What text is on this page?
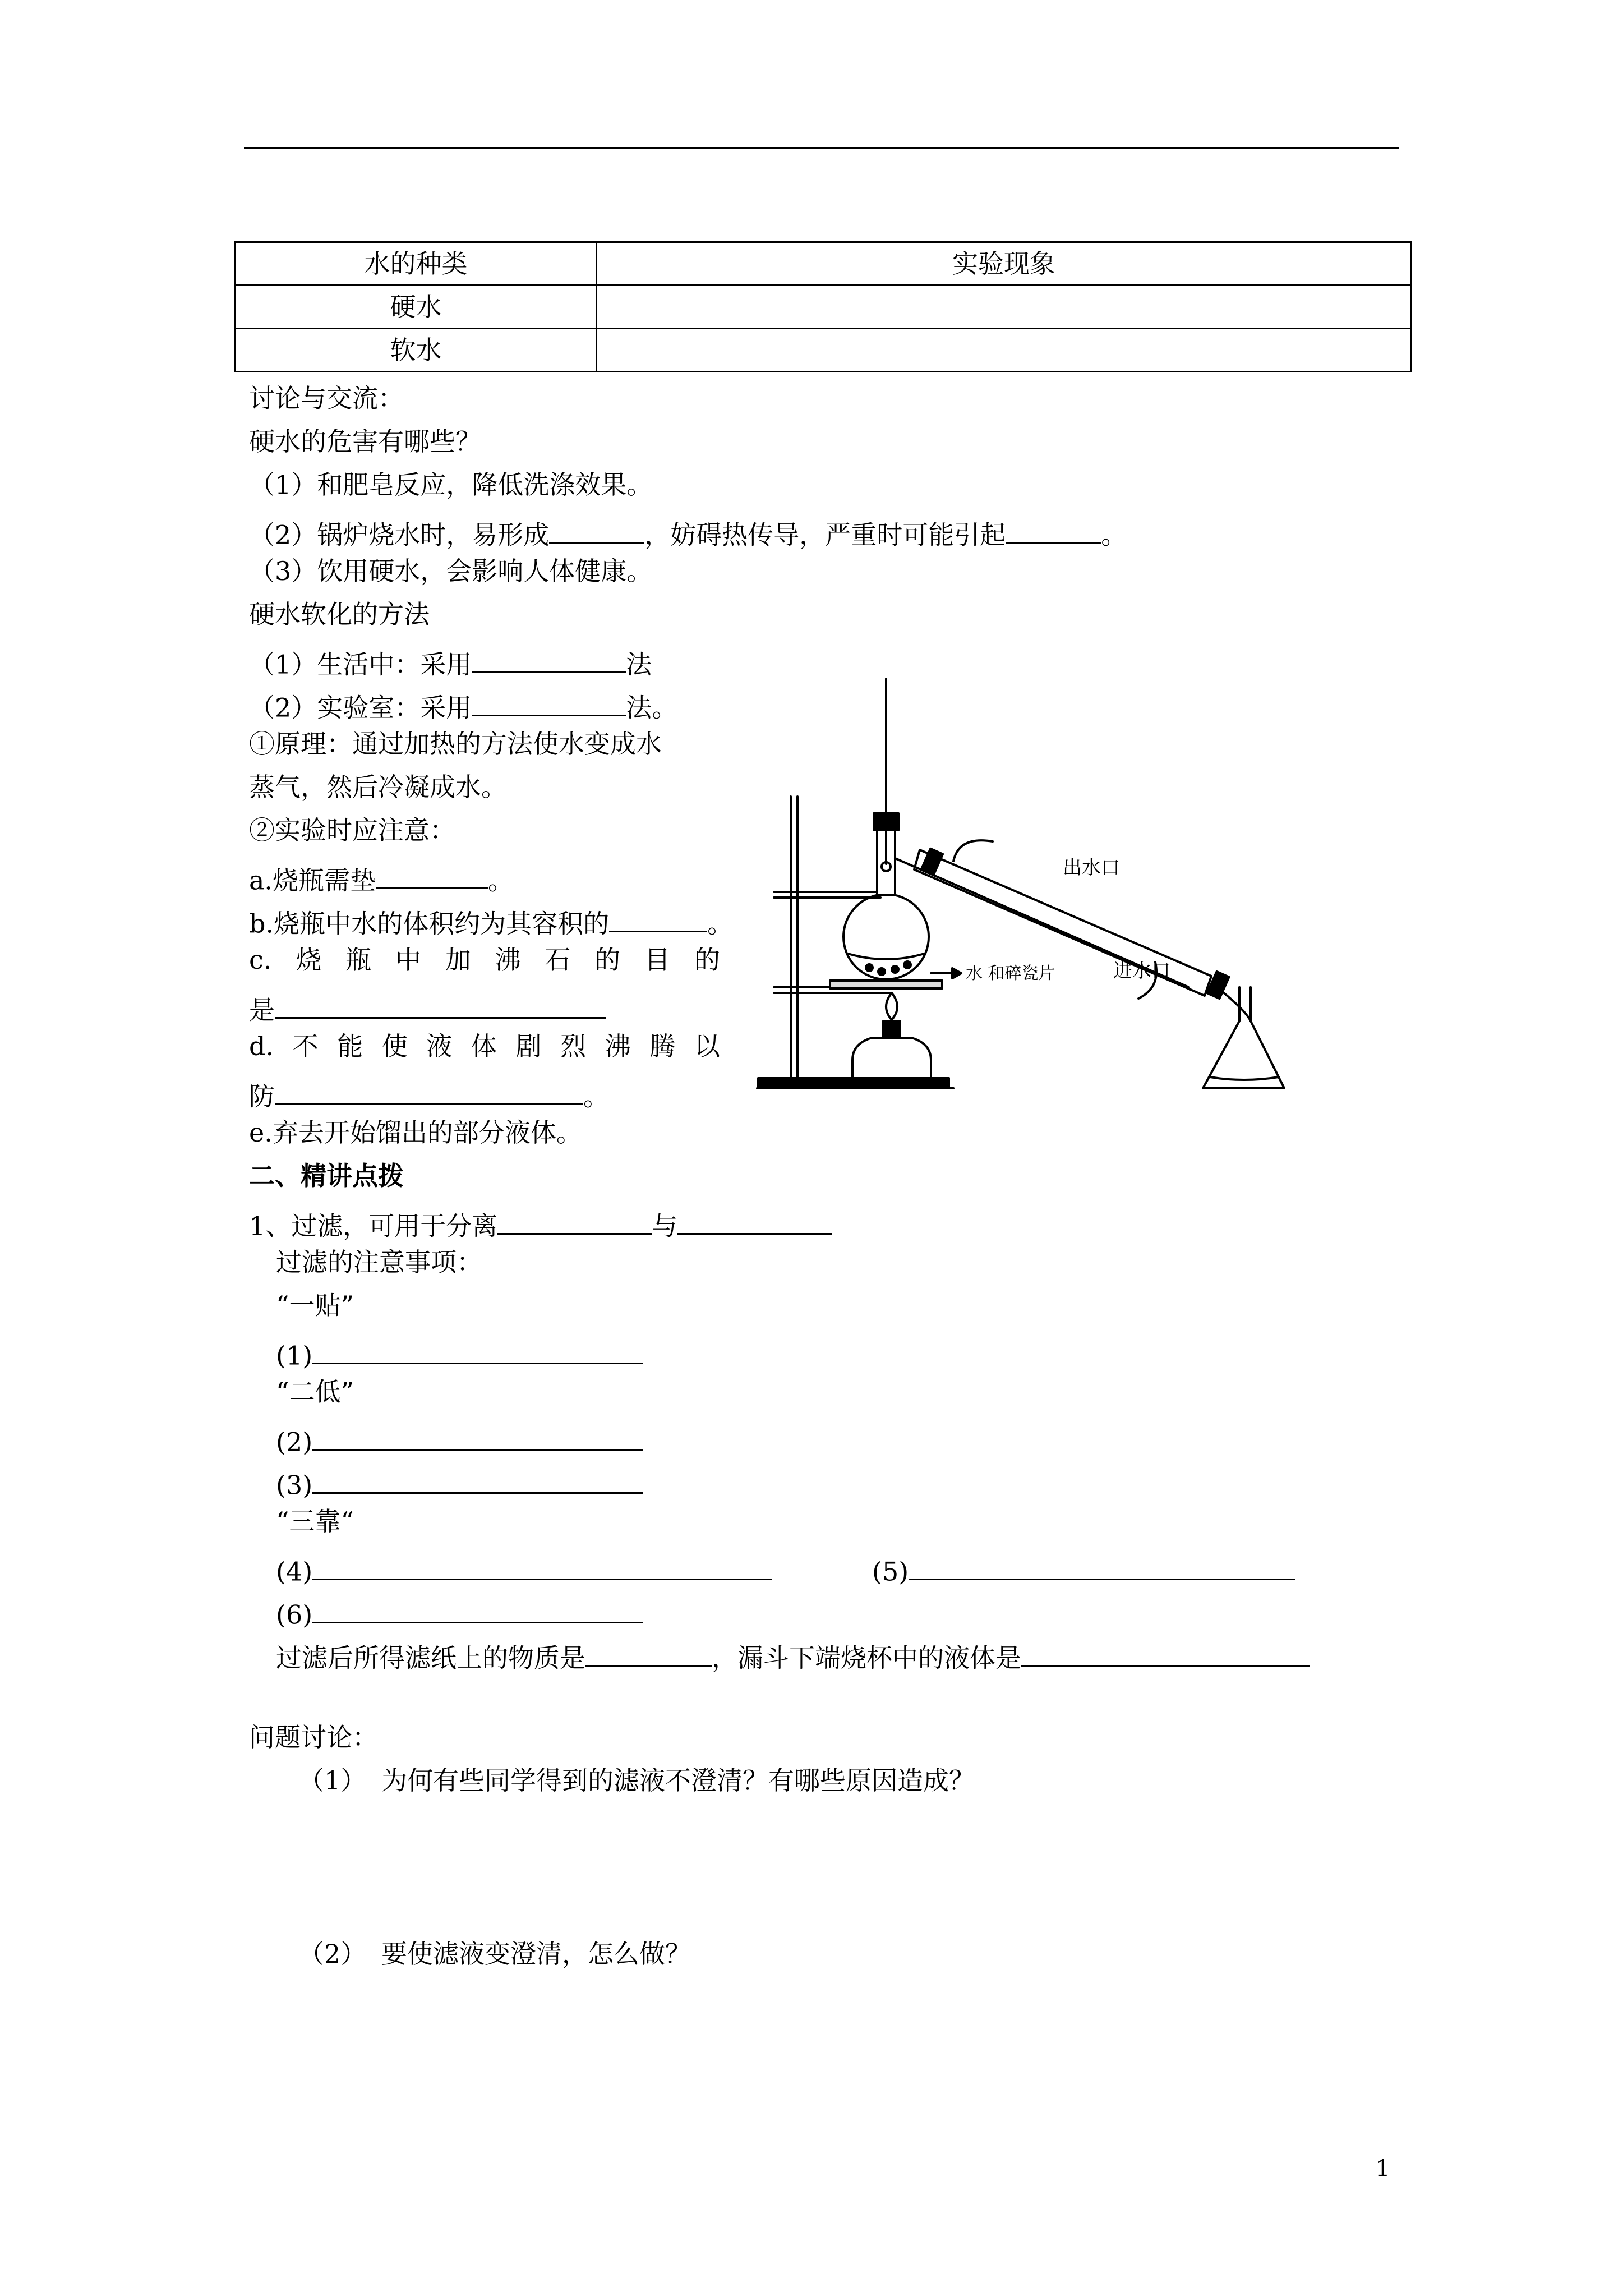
水的种类	实验现象
硬水	
软水	
讨论与交流：
硬水的危害有哪些？
（1）和肥皂反应，降低洗涤效果。
（2）锅炉烧水时，易形成	，妨碍热传导，严重时可能引起	。
（3）饮用硬水，会影响人体健康。
硬水软化的方法
（1）生活中：采用	法
（2）实验室：采用	法。
①原理：通过加热的方法使水变成水
蒸气，然后冷凝成水。
②实验时应注意：
a.烧瓶需垫	。
b.烧瓶中水的体积约为其容积的	。
c. 烧 瓶 中 加 沸 石 的 目 的
是
d. 不 能 使 液 体 剧 烈 沸 腾 以
防	。
e.弃去开始馏出的部分液体。
出水口
进水口
水 和碎瓷片
二、精讲点拨
1、过滤，可用于分离	与
过滤的注意事项：
“一贴”
(1)
“二低”
(2)
(3)
“三靠“
(4)	(5)
(6)
过滤后所得滤纸上的物质是	，漏斗下端烧杯中的液体是
问题讨论：
（1） 为何有些同学得到的滤液不澄清？有哪些原因造成？
（2） 要使滤液变澄清，怎么做？
1
